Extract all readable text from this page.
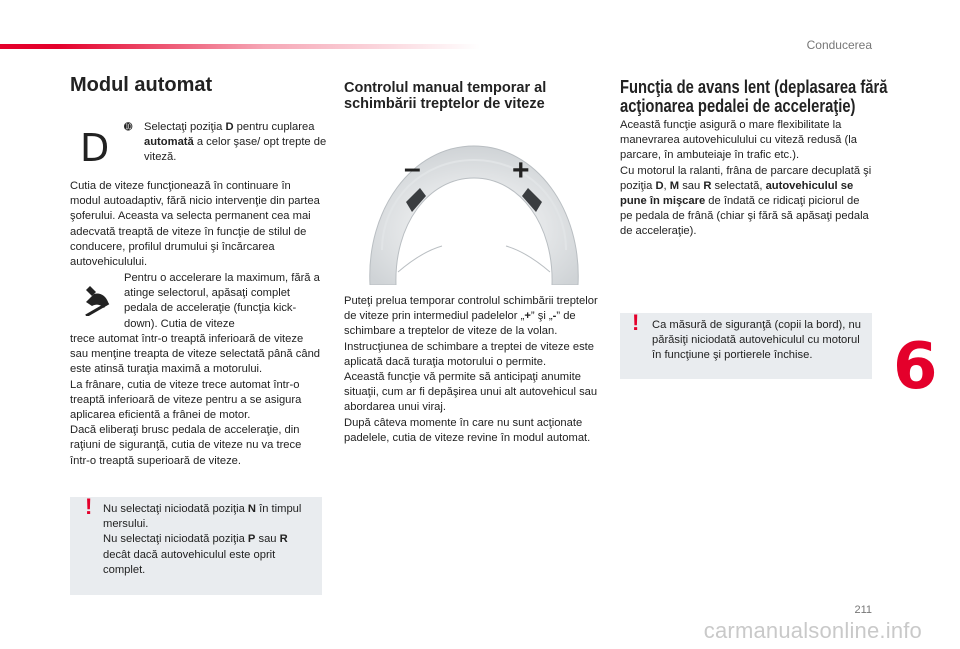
Conducerea
Modul automat
D ➓ Selectaţi poziţia D pentru cuplarea automată a celor şase/ opt trepte de viteză.

Cutia de viteze funcţionează în continuare în modul autoadaptiv, fără nicio intervenţie din partea şoferului. Aceasta va selecta permanent cea mai adecvată treaptă de viteze în funcţie de stilul de conducere, profilul drumului şi încărcarea autovehiculului.

Pentru o accelerare la maximum, fără a atinge selectorul, apăsaţi complet pedala de acceleraţie (funcţia kick-down). Cutia de viteze

trece automat într-o treaptă inferioară de viteze sau menţine treapta de viteze selectată până când este atinsă turaţia maximă a motorului.

La frânare, cutia de viteze trece automat într-o treaptă inferioară de viteze pentru a se asigura aplicarea eficientă a frânei de motor.

Dacă eliberaţi brusc pedala de acceleraţie, din raţiuni de siguranţă, cutia de viteze nu va trece într-o treaptă superioară de viteze.

! Nu selectaţi niciodată poziţia N în timpul mersului.

Nu selectaţi niciodată poziţia P sau R decât dacă autovehiculul este oprit complet.

Controlul manual temporar al

schimbării treptelor de viteze

–	+

Puteţi prelua temporar controlul schimbării treptelor de viteze prin intermediul padelelor „+” şi „-” de schimbare a treptelor de viteze de la volan. Instrucţiunea de schimbare a treptei de viteze este aplicată dacă turaţia motorului o permite.

Această funcţie vă permite să anticipaţi anumite situaţii, cum ar fi depăşirea unui alt autovehicul sau abordarea unui viraj.

După câteva momente în care nu sunt acţionate padelele, cutia de viteze revine în modul automat.

Funcţia de avans lent (deplasarea fără

acţionarea pedalei de acceleraţie)

Această funcţie asigură o mare flexibilitate la manevrarea autovehiculului cu viteză redusă (la parcare, în ambuteiaje în trafic etc.).

Cu motorul la ralanti, frâna de parcare decuplată şi poziţia D, M sau R selectată, autovehiculul se pune în mişcare de îndată ce ridicaţi piciorul de pe pedala de frână (chiar şi fără să apăsaţi pedala de acceleraţie).

! Ca măsură de siguranţă (copii la bord), nu părăsiţi niciodată autovehiculul cu motorul în funcţiune şi portierele închise.	6
211
carmanualsonline.info
